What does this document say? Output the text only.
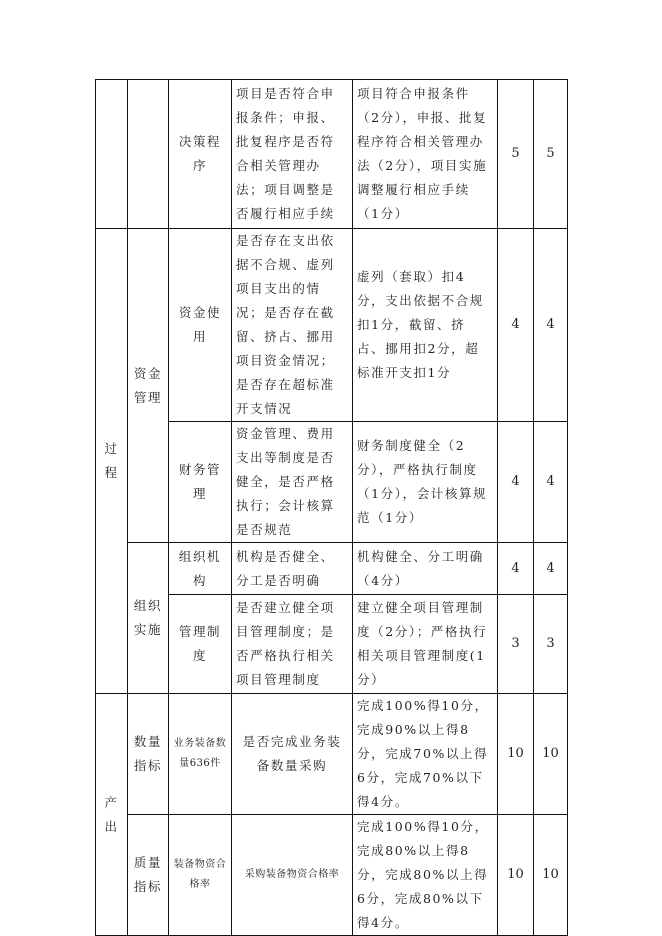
		决策程序	项目是否符合申报条件；申报、批复程序是否符合相关管理办法；项目调整是否履行相应手续	项目符合申报条件（2分），申报、批复程序符合相关管理办法（2分），项目实施调整履行相应手续（1分）	5	5
过程	资金管理	资金使用	是否存在支出依据不合规、虚列项目支出的情况；是否存在截留、挤占、挪用项目资金情况；是否存在超标准开支情况	虚列（套取）扣4分，支出依据不合规扣1分，截留、挤占、挪用扣2分，超标准开支扣1分	4	4
		财务管理	资金管理、费用支出等制度是否健全，是否严格执行；会计核算是否规范	财务制度健全（2分），严格执行制度（1分），会计核算规范（1分）	4	4
	组织实施	组织机构	机构是否健全、分工是否明确	机构健全、分工明确（4分）	4	4
		管理制度	是否建立健全项目管理制度；是否严格执行相关项目管理制度	建立健全项目管理制度（2分）；严格执行相关项目管理制度(1分）	3	3
产出	数量指标	业务装备数量636件	是否完成业务装备数量采购	完成100%得10分，完成90%以上得8分，完成70%以上得6分，完成70%以下得4分。	10	10
	质量指标	装备物资合格率	采购装备物资合格率	完成100%得10分，完成80%以上得8分，完成80%以上得6分，完成80%以下得4分。	10	10
